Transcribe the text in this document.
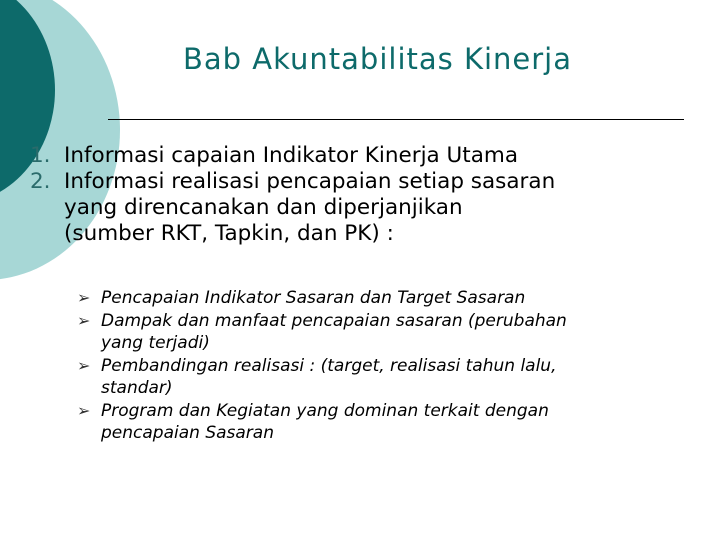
Bab Akuntabilitas Kinerja
1. Informasi capaian Indikator Kinerja Utama
2. Informasi realisasi pencapaian setiap sasaran
yang direncanakan dan diperjanjikan
(sumber RKT, Tapkin, dan PK) :
➢ Pencapaian Indikator Sasaran dan Target Sasaran
➢ Dampak dan manfaat pencapaian sasaran (perubahan
yang terjadi)
➢ Pembandingan realisasi : (target, realisasi tahun lalu,
standar)
➢ Program dan Kegiatan yang dominan terkait dengan
pencapaian Sasaran
